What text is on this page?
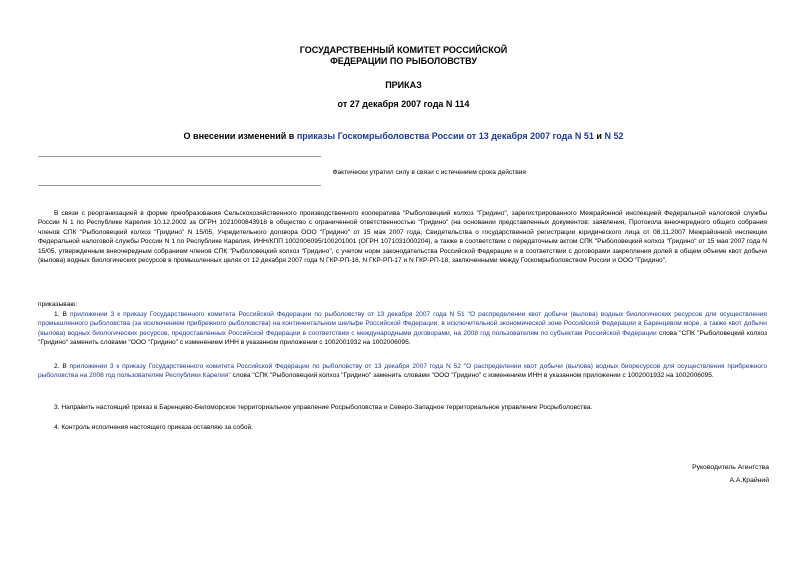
ГОСУДАРСТВЕННЫЙ КОМИТЕТ РОССИЙСКОЙ
ФЕДЕРАЦИИ ПО РЫБОЛОВСТВУ
ПРИКАЗ
от 27 декабря 2007 года N 114
О внесении изменений в приказы Госкомрыболовства России от 13 декабря 2007 года N 51 и N 52
Фактически утратил силу в связи с истечением срока действия
В связи с реорганизацией в форме преобразования Сельскохозяйственного производственного кооператива "Рыболовецкий колхоз "Гридино", зарегистрированного Межрайонной инспекцией Федеральной налоговой службы России N 1 по Республике Карелия 10.12.2002 за ОГРН 1021000843918 в общество с ограниченной ответственностью "Гридино" (на основании представленных документов: заявления, Протокола внеочередного общего собрания членов СПК "Рыболовецкий колхоз "Гридино" N 15/05, Учредительного договора ООО "Гридино" от 15 мая 2007 года, Свидетельства о государственной регистрации юридического лица от 08.11.2007 Межрайонной инспекции Федеральной налоговой службы России N 1 по Республике Карелия, ИНН/КПП 1002006095/100201001 (ОГРН 1071031000204), а также в соответствии с передаточным актом СПК "Рыболовецкий колхоз "Гридино" от 15 мая 2007 года N 15/05, утвержденным внеочередным собранием членов СПК "Рыболовецкий колхоз "Гридино", с учетом норм законодательства Российской Федерации и в соответствии с договорами закрепления долей в общем объеме квот добычи (вылова) водных биологических ресурсов в промышленных целях от 12 декабря 2007 года N ГКР-РП-16, N ГКР-РП-17 и N ГКР-РП-18, заключенными между Госкомрыболовством России и ООО "Гридино",
приказываю:
1. В приложении 3 к приказу Государственного комитета Российской Федерации по рыболовству от 13 декабря 2007 года N 51 "О распределении квот добычи (вылова) водных биологических ресурсов для осуществления промышленного рыболовства (за исключением прибрежного рыболовства) на континентальном шельфе Российской Федерации, в исключительной экономической зоне Российской Федерации в Баренцевом море, а также квот добычи (вылова) водных биологических ресурсов, предоставленных Российской Федерации в соответствии с международными договорами, на 2008 год пользователям по субъектам Российской Федерации слова "СПК "Рыболовецкий колхоз "Гридино" заменить словами "ООО "Гридино" с изменением ИНН в указанном приложении с 1002001932 на 1002006095.
2. В приложении 3 к приказу Государственного комитета Российской Федерации по рыболовству от 13 декабря 2007 года N 52 "О распределении квот добычи (вылова) водных биоресурсов для осуществления прибрежного рыболовства на 2008 год пользователям Республики Карелия" слова "СПК "Рыболовецкий колхоз "Гридино" заменить словами "ООО "Гридино" с изменением ИНН в указанном приложении с 1002001932 на 1002006095.
3. Направить настоящий приказ в Баренцево-Беломорское территориальное управление Росрыболовства и Северо-Западное территориальное управление Росрыболовства.
4. Контроль исполнения настоящего приказа оставляю за собой.
Руководитель Агентства
А.А.Крайний
